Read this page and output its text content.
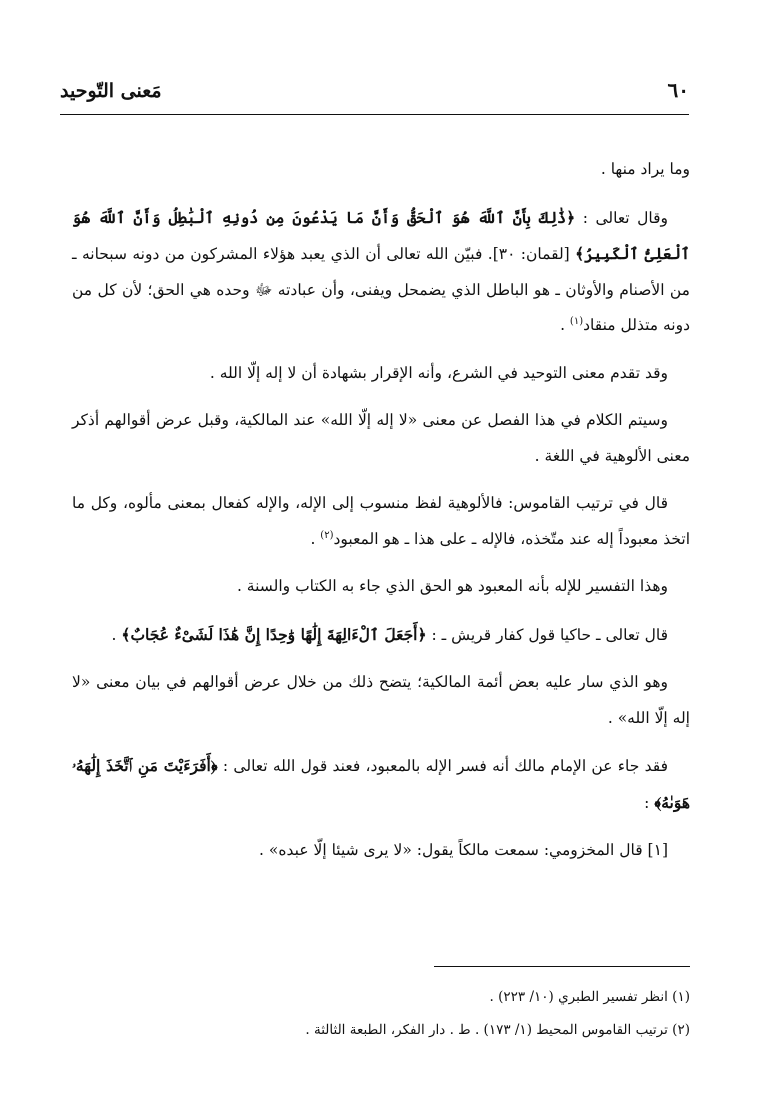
٦٠
مَعنى التّوحيد

وما يراد منها .

وقال تعالى : ﴿ذَٰلِكَ بِأَنَّ ٱللَّهَ هُوَ ٱلْحَقُّ وَأَنَّ مَا يَدْعُونَ مِن دُونِهِ ٱلْبَٰطِلُ وَأَنَّ ٱللَّهَ هُوَ ٱلْعَلِىُّ ٱلْكَبِيرُ﴾ [لقمان: ٣٠]. فبيّن الله تعالى أن الذي يعبد هؤلاء المشركون من دونه سبحانه ـ من الأصنام والأوثان ـ هو الباطل الذي يضمحل ويفنى، وأن عبادته ﷻ وحده هي الحق؛ لأن كل من دونه متذلل منقاد$^{(١)}$ .

وقد تقدم معنى التوحيد في الشرع، وأنه الإقرار بشهادة أن لا إله إلّا الله .

وسيتم الكلام في هذا الفصل عن معنى «لا إله إلّا الله» عند المالكية، وقبل عرض أقوالهم أذكر معنى الألوهية في اللغة .

قال في ترتيب القاموس: فالألوهية لفظ منسوب إلى الإله، والإله كفعال بمعنى مألوه، وكل ما اتخذ معبوداً إله عند متّخذه، فالإله ـ على هذا ـ هو المعبود$^{(٢)}$ .

وهذا التفسير للإله بأنه المعبود هو الحق الذي جاء به الكتاب والسنة .

قال تعالى ـ حاكيا قول كفار قريش ـ : ﴿أَجَعَلَ ٱلْءَالِهَةَ إِلَٰهًا وَٰحِدًا إِنَّ هَٰذَا لَشَىْءٌ عُجَابٌ﴾ .

وهو الذي سار عليه بعض أئمة المالكية؛ يتضح ذلك من خلال عرض أقوالهم في بيان معنى «لا إله إلّا الله» .

فقد جاء عن الإمام مالك أنه فسر الإله بالمعبود، فعند قول الله تعالى : ﴿أَفَرَءَيْتَ مَنِ ٱتَّخَذَ إِلَٰهَهُۥ هَوَىٰهُ﴾ :

[١] قال المخزومي: سمعت مالكاً يقول: «لا يرى شيئا إلّا عبده» .

(١) انظر تفسير الطبري (١٠/ ٢٢٣) .

(٢) ترتيب القاموس المحيط (١/ ١٧٣) . ط . دار الفكر، الطبعة الثالثة .
